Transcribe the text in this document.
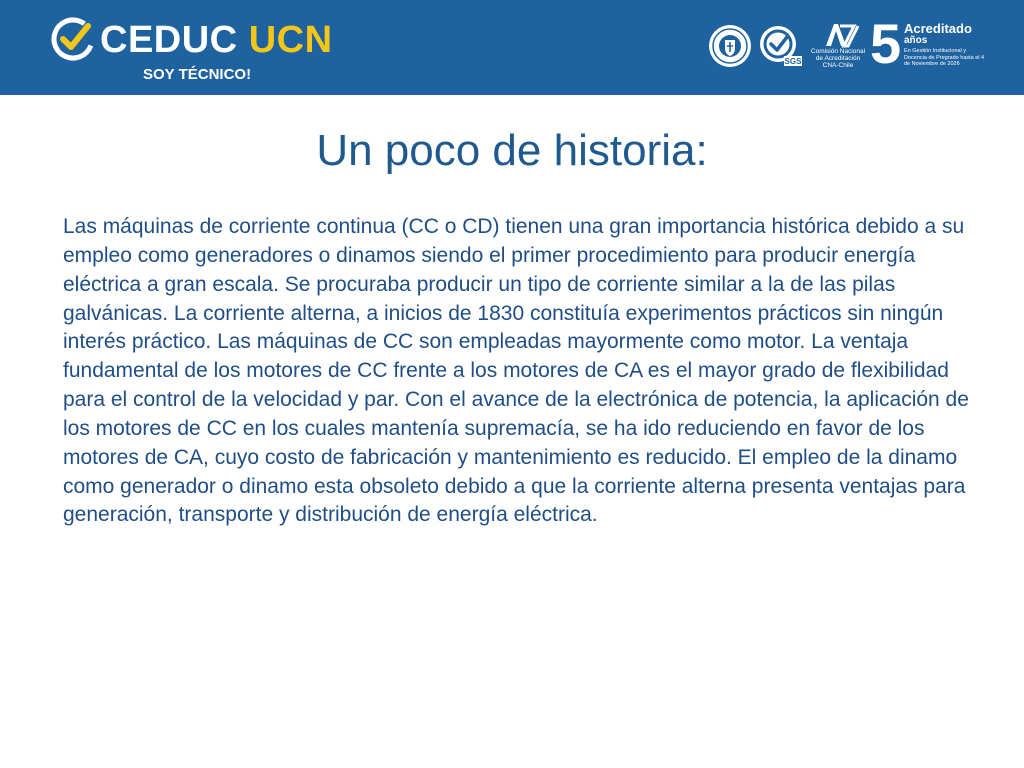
CEDUC UCN
SOY TÉCNICO!
SGS
Comisión Nacional de Acreditación CNA-Chile 5 Acreditado
años
En Gestión Institucional y Docencia de Pregrado hasta el 4 de Noviembre de 2026
Un poco de historia:

Las máquinas de corriente continua (CC o CD) tienen una gran importancia histórica debido a su empleo como generadores o dinamos siendo el primer procedimiento para producir energía eléctrica a gran escala. Se procuraba producir un tipo de corriente similar a la de las pilas galvánicas. La corriente alterna, a inicios de 1830 constituía experimentos prácticos sin ningún interés práctico. Las máquinas de CC son empleadas mayormente como motor. La ventaja fundamental de los motores de CC frente a los motores de CA es el mayor grado de flexibilidad para el control de la velocidad y par. Con el avance de la electrónica de potencia, la aplicación de los motores de CC en los cuales mantenía supremacía, se ha ido reduciendo en favor de los motores de CA, cuyo costo de fabricación y mantenimiento es reducido. El empleo de la dinamo como generador o dinamo esta obsoleto debido a que la corriente alterna presenta ventajas para generación, transporte y distribución de energía eléctrica.
